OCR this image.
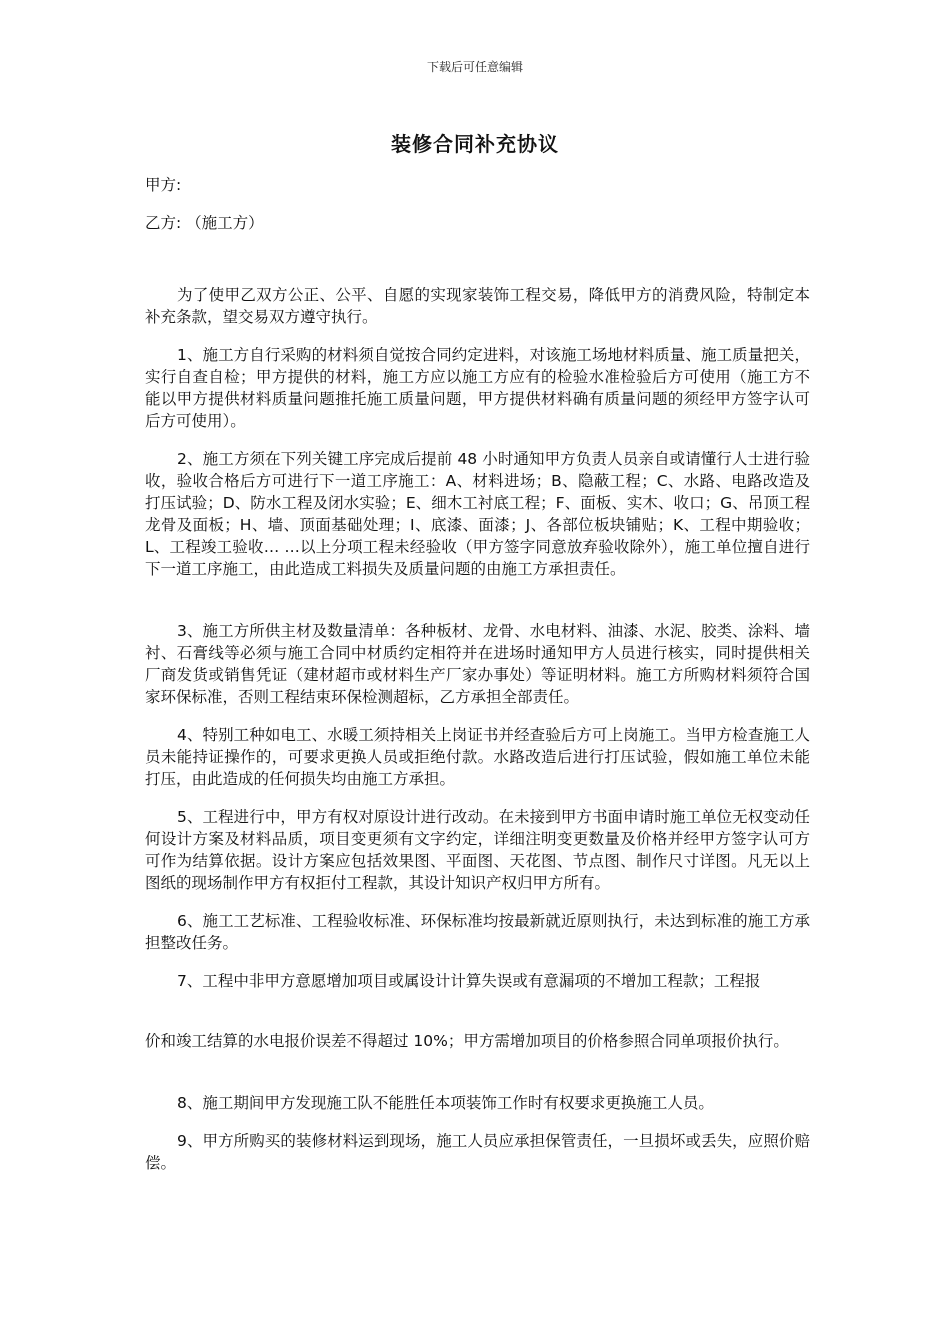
下载后可任意编辑
装修合同补充协议
甲方:
乙方: （施工方）

为了使甲乙双方公正、公平、自愿的实现家装饰工程交易，降低甲方的消费风险，特制定本补充条款，望交易双方遵守执行。

1、施工方自行采购的材料须自觉按合同约定进料，对该施工场地材料质量、施工质量把关，实行自查自检；甲方提供的材料，施工方应以施工方应有的检验水准检验后方可使用（施工方不能以甲方提供材料质量问题推托施工质量问题，甲方提供材料确有质量问题的须经甲方签字认可后方可使用）。

2、施工方须在下列关键工序完成后提前 48 小时通知甲方负责人员亲自或请懂行人士进行验收，验收合格后方可进行下一道工序施工：A、材料进场；B、隐蔽工程；C、水路、电路改造及打压试验；D、防水工程及闭水实验；E、细木工衬底工程；F、面板、实木、收口；G、吊顶工程龙骨及面板；H、墙、顶面基础处理；I、底漆、面漆；J、各部位板块铺贴；K、工程中期验收；L、工程竣工验收… …以上分项工程未经验收（甲方签字同意放弃验收除外），施工单位擅自进行下一道工序施工，由此造成工料损失及质量问题的由施工方承担责任。

3、施工方所供主材及数量清单：各种板材、龙骨、水电材料、油漆、水泥、胶类、涂料、墙衬、石膏线等必须与施工合同中材质约定相符并在进场时通知甲方人员进行核实，同时提供相关厂商发货或销售凭证（建材超市或材料生产厂家办事处）等证明材料。施工方所购材料须符合国家环保标准，否则工程结束环保检测超标，乙方承担全部责任。

4、特别工种如电工、水暖工须持相关上岗证书并经查验后方可上岗施工。当甲方检查施工人员未能持证操作的，可要求更换人员或拒绝付款。水路改造后进行打压试验，假如施工单位未能打压，由此造成的任何损失均由施工方承担。

5、工程进行中，甲方有权对原设计进行改动。在未接到甲方书面申请时施工单位无权变动任何设计方案及材料品质，项目变更须有文字约定，详细注明变更数量及价格并经甲方签字认可方可作为结算依据。设计方案应包括效果图、平面图、天花图、节点图、制作尺寸详图。凡无以上图纸的现场制作甲方有权拒付工程款，其设计知识产权归甲方所有。

6、施工工艺标准、工程验收标准、环保标准均按最新就近原则执行，未达到标准的施工方承担整改任务。

7、工程中非甲方意愿增加项目或属设计计算失误或有意漏项的不增加工程款；工程报

价和竣工结算的水电报价误差不得超过 10%；甲方需增加项目的价格参照合同单项报价执行。

8、施工期间甲方发现施工队不能胜任本项装饰工作时有权要求更换施工人员。

9、甲方所购买的装修材料运到现场，施工人员应承担保管责任，一旦损坏或丢失，应照价赔偿。
